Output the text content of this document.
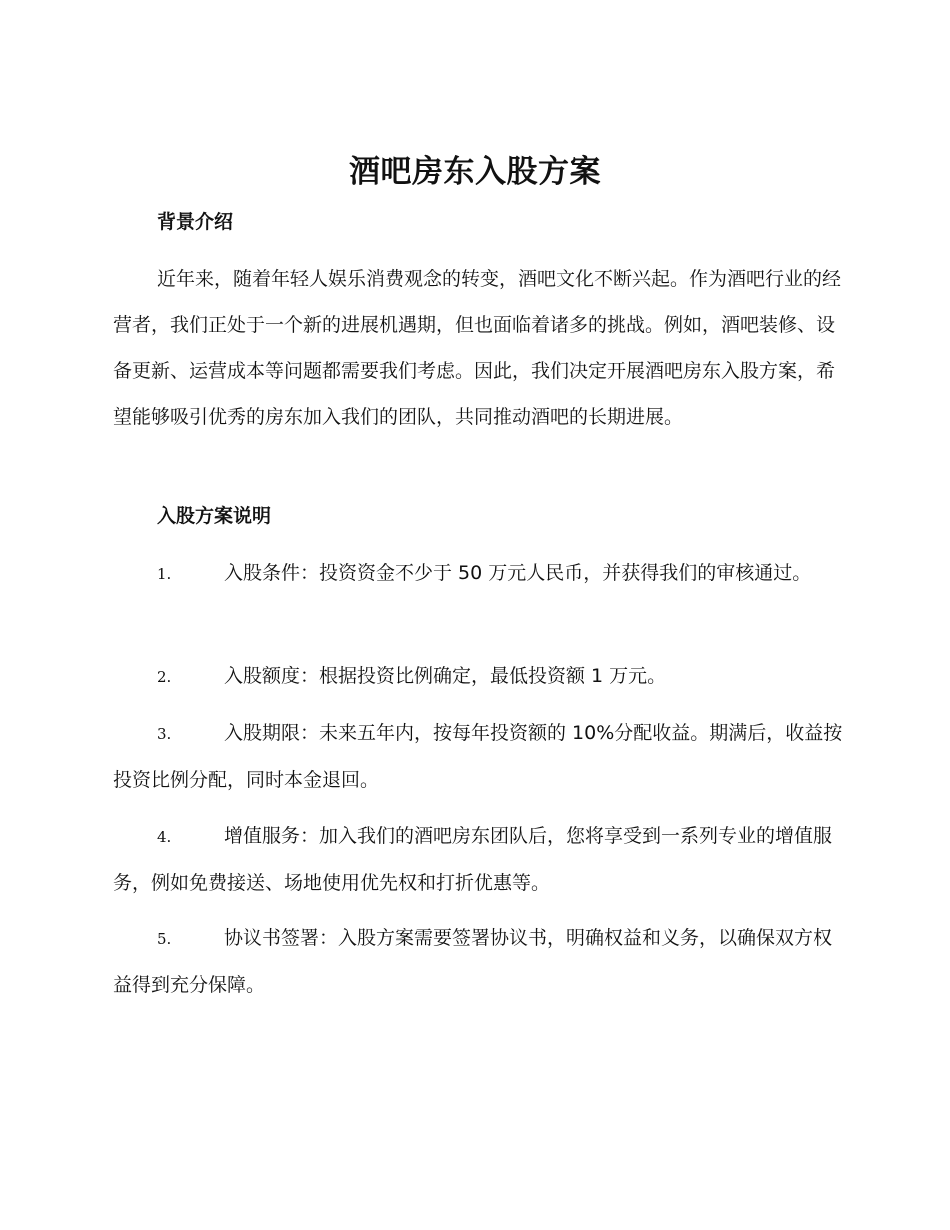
酒吧房东入股方案
背景介绍
近年来，随着年轻人娱乐消费观念的转变，酒吧文化不断兴起。作为酒吧行业的经营者，我们正处于一个新的进展机遇期，但也面临着诸多的挑战。例如，酒吧装修、设备更新、运营成本等问题都需要我们考虑。因此，我们决定开展酒吧房东入股方案，希望能够吸引优秀的房东加入我们的团队，共同推动酒吧的长期进展。
入股方案说明
1.	入股条件：投资资金不少于 50 万元人民币，并获得我们的审核通过。
2.	入股额度：根据投资比例确定，最低投资额 1 万元。
3.	入股期限：未来五年内，按每年投资额的 10%分配收益。期满后，收益按投资比例分配，同时本金退回。
4.	增值服务：加入我们的酒吧房东团队后，您将享受到一系列专业的增值服务，例如免费接送、场地使用优先权和打折优惠等。
5.	协议书签署：入股方案需要签署协议书，明确权益和义务，以确保双方权益得到充分保障。
